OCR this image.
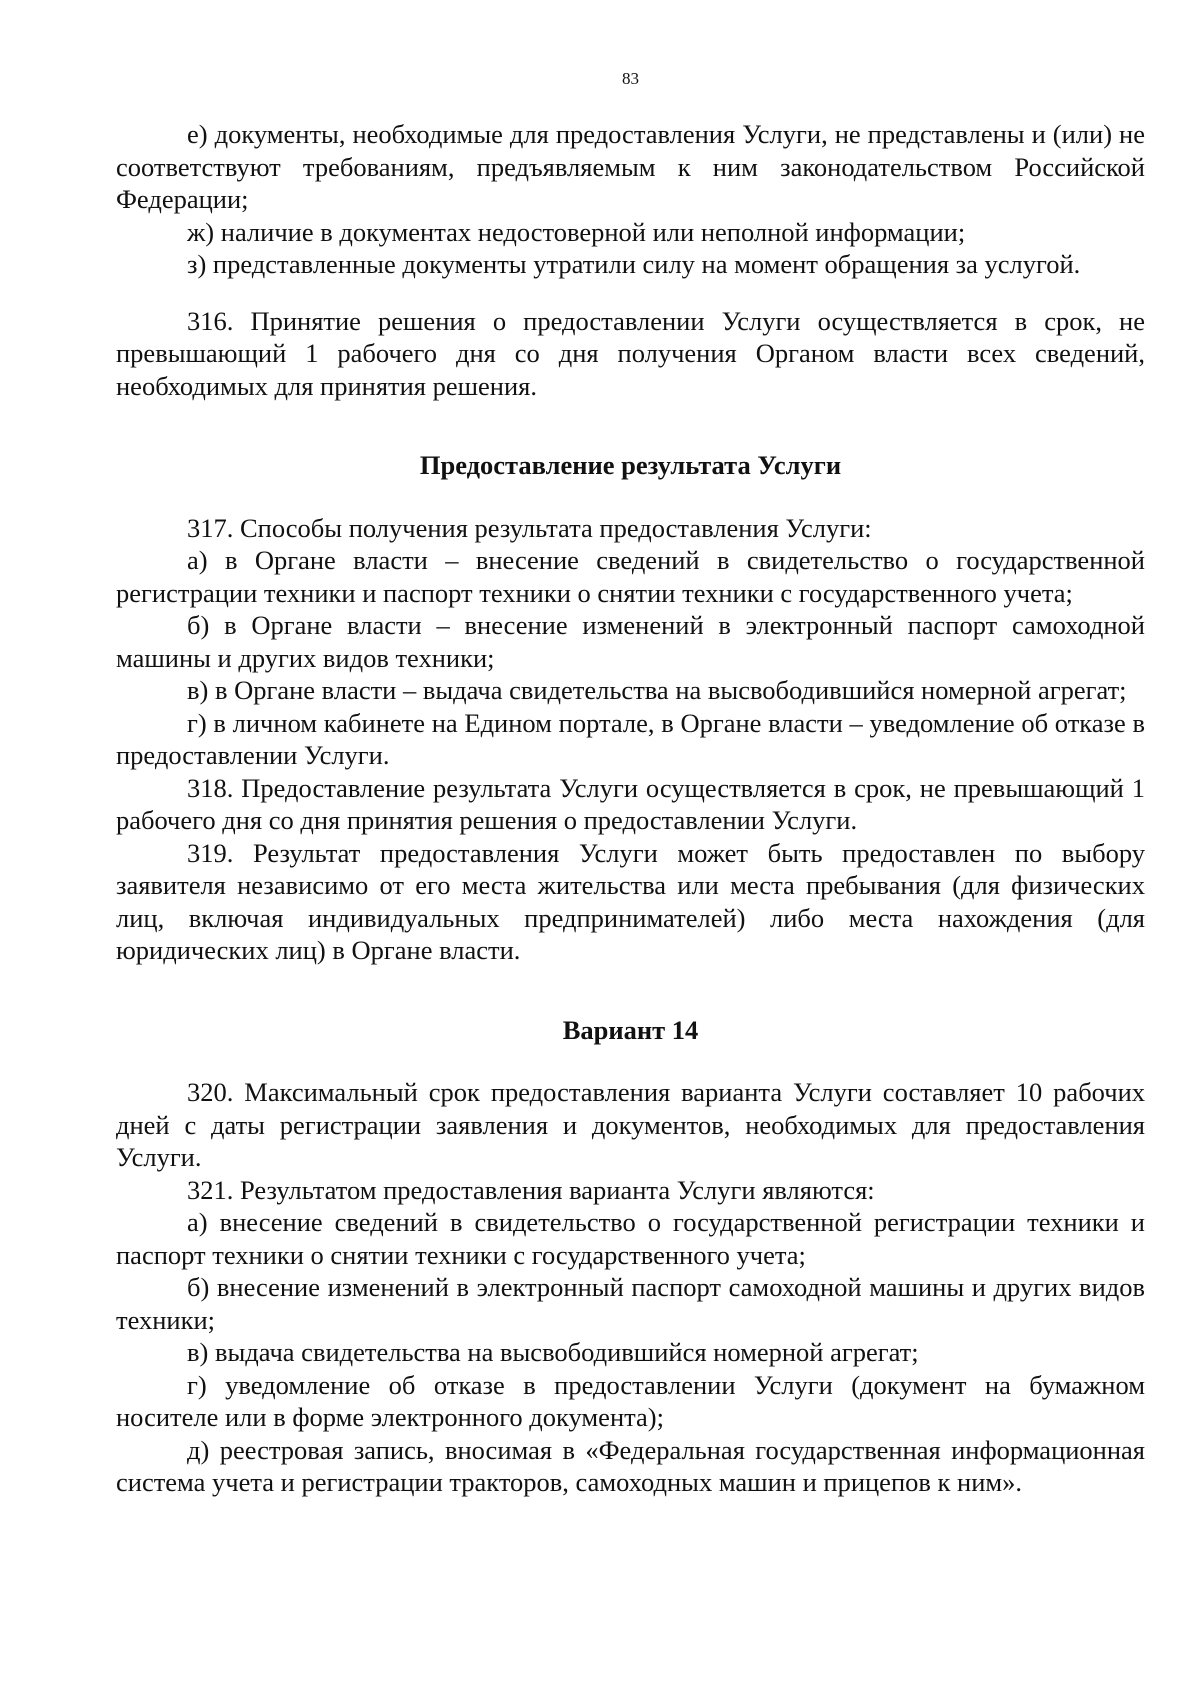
83

е) документы, необходимые для предоставления Услуги, не представлены и (или) не соответствуют требованиям, предъявляемым к ним законодательством Российской Федерации;

ж) наличие в документах недостоверной или неполной информации;

з) представленные документы утратили силу на момент обращения за услугой.

316. Принятие решения о предоставлении Услуги осуществляется в срок, не превышающий 1 рабочего дня со дня получения Органом власти всех сведений, необходимых для принятия решения.

Предоставление результата Услуги

317. Способы получения результата предоставления Услуги:

а) в Органе власти – внесение сведений в свидетельство о государственной регистрации техники и паспорт техники о снятии техники с государственного учета;

б) в Органе власти – внесение изменений в электронный паспорт самоходной машины и других видов техники;

в) в Органе власти – выдача свидетельства на высвободившийся номерной агрегат;

г) в личном кабинете на Едином портале, в Органе власти – уведомление об отказе в предоставлении Услуги.

318. Предоставление результата Услуги осуществляется в срок, не превышающий 1 рабочего дня со дня принятия решения о предоставлении Услуги.

319. Результат предоставления Услуги может быть предоставлен по выбору заявителя независимо от его места жительства или места пребывания (для физических лиц, включая индивидуальных предпринимателей) либо места нахождения (для юридических лиц) в Органе власти.

Вариант 14

320. Максимальный срок предоставления варианта Услуги составляет 10 рабочих дней с даты регистрации заявления и документов, необходимых для предоставления Услуги.

321. Результатом предоставления варианта Услуги являются:

а) внесение сведений в свидетельство о государственной регистрации техники и паспорт техники о снятии техники с государственного учета;

б) внесение изменений в электронный паспорт самоходной машины и других видов техники;

в) выдача свидетельства на высвободившийся номерной агрегат;

г) уведомление об отказе в предоставлении Услуги (документ на бумажном носителе или в форме электронного документа);

д) реестровая запись, вносимая в «Федеральная государственная информационная система учета и регистрации тракторов, самоходных машин и прицепов к ним».
